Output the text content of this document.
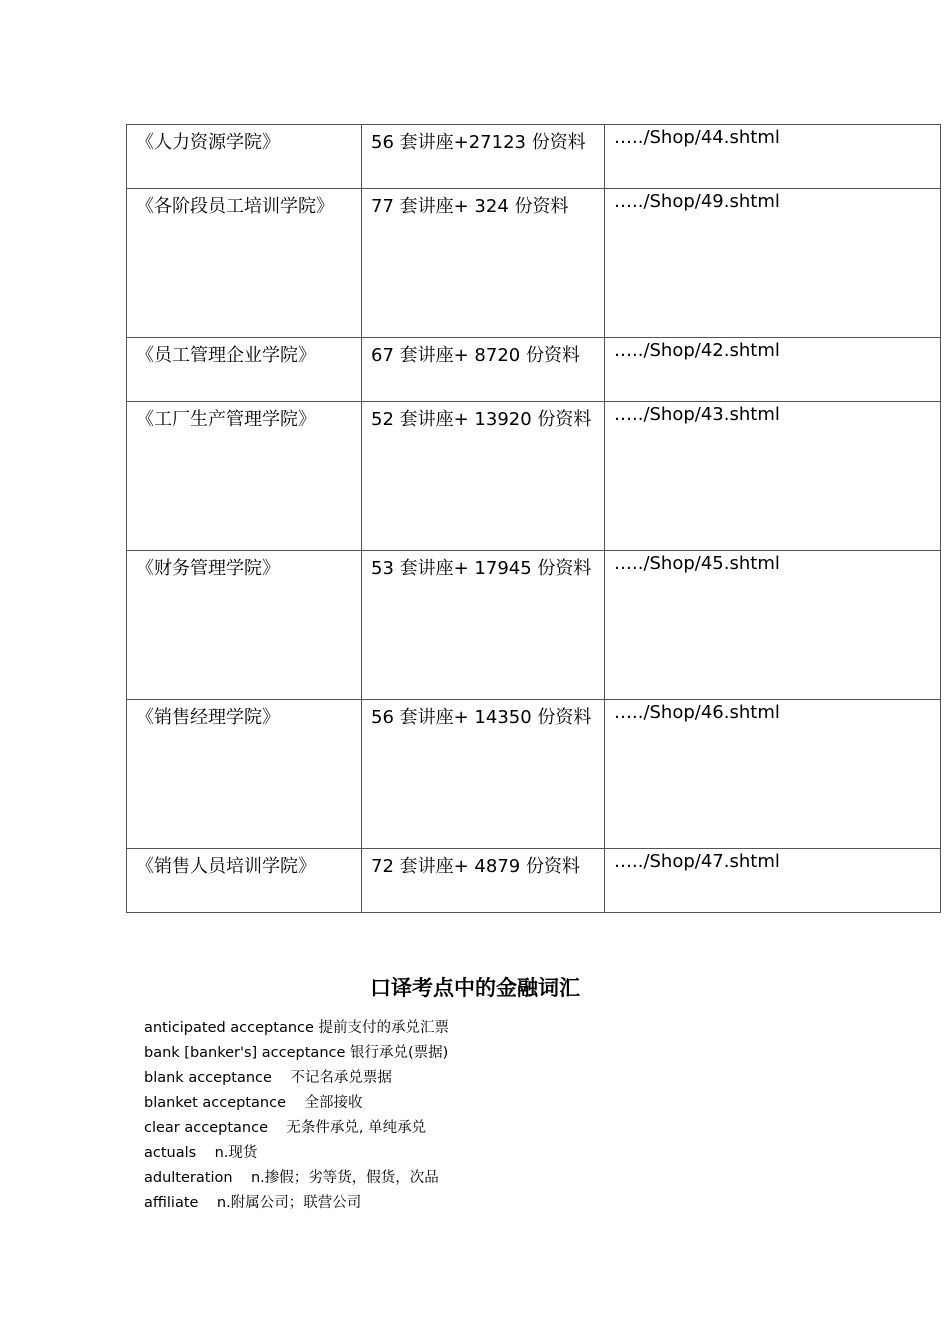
《人力资源学院》	56 套讲座+27123 份资料	…../Shop/44.shtml

《各阶段员工培训学院》	77 套讲座+ 324 份资料	…../Shop/49.shtml

《员工管理企业学院》	67 套讲座+ 8720 份资料	…../Shop/42.shtml

《工厂生产管理学院》	52 套讲座+ 13920 份资料	…../Shop/43.shtml

《财务管理学院》	53 套讲座+ 17945 份资料	…../Shop/45.shtml

《销售经理学院》	56 套讲座+ 14350 份资料	…../Shop/46.shtml

《销售人员培训学院》	72 套讲座+ 4879 份资料	…../Shop/47.shtml
口译考点中的金融词汇
anticipated acceptance 提前支付的承兑汇票
bank [banker's] acceptance 银行承兑(票据)
blank acceptance    不记名承兑票据
blanket acceptance    全部接收
clear acceptance    无条件承兑, 单纯承兑
actuals    n.现货
adulteration    n.掺假；劣等货，假货，次品
affiliate    n.附属公司；联营公司
